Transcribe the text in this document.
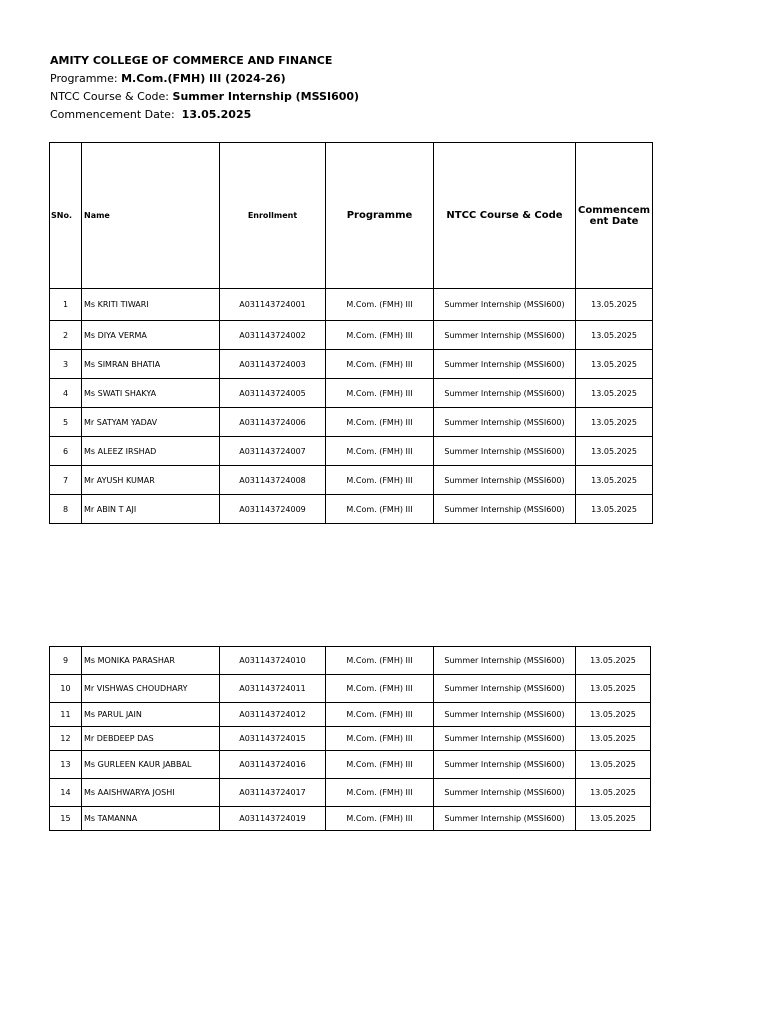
AMITY COLLEGE OF COMMERCE AND FINANCE
Programme: M.Com.(FMH) III (2024-26)
NTCC Course & Code: Summer Internship (MSSI600)
Commencement Date: 13.05.2025
SNo.	Name	Enrollment	Programme	NTCC Course & Code	Commencem ent Date
1	Ms KRITI TIWARI	A031143724001	M.Com. (FMH) III	Summer Internship (MSSI600)	13.05.2025
2	Ms DIYA VERMA	A031143724002	M.Com. (FMH) III	Summer Internship (MSSI600)	13.05.2025
3	Ms SIMRAN BHATIA	A031143724003	M.Com. (FMH) III	Summer Internship (MSSI600)	13.05.2025
4	Ms SWATI SHAKYA	A031143724005	M.Com. (FMH) III	Summer Internship (MSSI600)	13.05.2025
5	Mr SATYAM YADAV	A031143724006	M.Com. (FMH) III	Summer Internship (MSSI600)	13.05.2025
6	Ms ALEEZ IRSHAD	A031143724007	M.Com. (FMH) III	Summer Internship (MSSI600)	13.05.2025
7	Mr AYUSH KUMAR	A031143724008	M.Com. (FMH) III	Summer Internship (MSSI600)	13.05.2025
8	Mr ABIN T AJI	A031143724009	M.Com. (FMH) III	Summer Internship (MSSI600)	13.05.2025
9	Ms MONIKA PARASHAR	A031143724010	M.Com. (FMH) III	Summer Internship (MSSI600)	13.05.2025
10	Mr VISHWAS CHOUDHARY	A031143724011	M.Com. (FMH) III	Summer Internship (MSSI600)	13.05.2025
11	Ms PARUL JAIN	A031143724012	M.Com. (FMH) III	Summer Internship (MSSI600)	13.05.2025
12	Mr DEBDEEP DAS	A031143724015	M.Com. (FMH) III	Summer Internship (MSSI600)	13.05.2025
13	Ms GURLEEN KAUR JABBAL	A031143724016	M.Com. (FMH) III	Summer Internship (MSSI600)	13.05.2025
14	Ms AAISHWARYA JOSHI	A031143724017	M.Com. (FMH) III	Summer Internship (MSSI600)	13.05.2025
15	Ms TAMANNA	A031143724019	M.Com. (FMH) III	Summer Internship (MSSI600)	13.05.2025
